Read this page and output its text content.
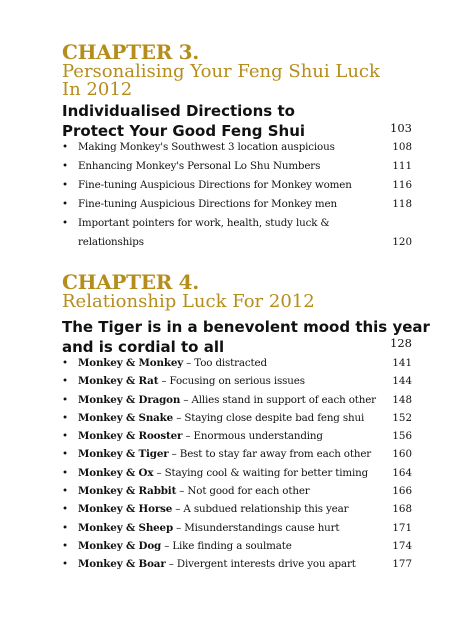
CHAPTER 3.
Personalising Your Feng Shui Luck
In 2012
Individualised Directions to
Protect Your Good Feng Shui	103
• Making Monkey's Southwest 3 location auspicious	108
• Enhancing Monkey's Personal Lo Shu Numbers	111
• Fine-tuning Auspicious Directions for Monkey women	116
• Fine-tuning Auspicious Directions for Monkey men	118
• Important pointers for work, health, study luck &
relationships	120
CHAPTER 4.
Relationship Luck For 2012
The Tiger is in a benevolent mood this year
and is cordial to all	128
• Monkey & Monkey – Too distracted	141
• Monkey & Rat – Focusing on serious issues	144
• Monkey & Dragon – Allies stand in support of each other 148
• Monkey & Snake – Staying close despite bad feng shui	152
• Monkey & Rooster – Enormous understanding	156
• Monkey & Tiger – Best to stay far away from each other 160
• Monkey & Ox – Staying cool & waiting for better timing 164
• Monkey & Rabbit – Not good for each other	166
• Monkey & Horse – A subdued relationship this year	168
• Monkey & Sheep – Misunderstandings cause hurt	171
• Monkey & Dog – Like finding a soulmate	174
• Monkey & Boar – Divergent interests drive you apart	177
